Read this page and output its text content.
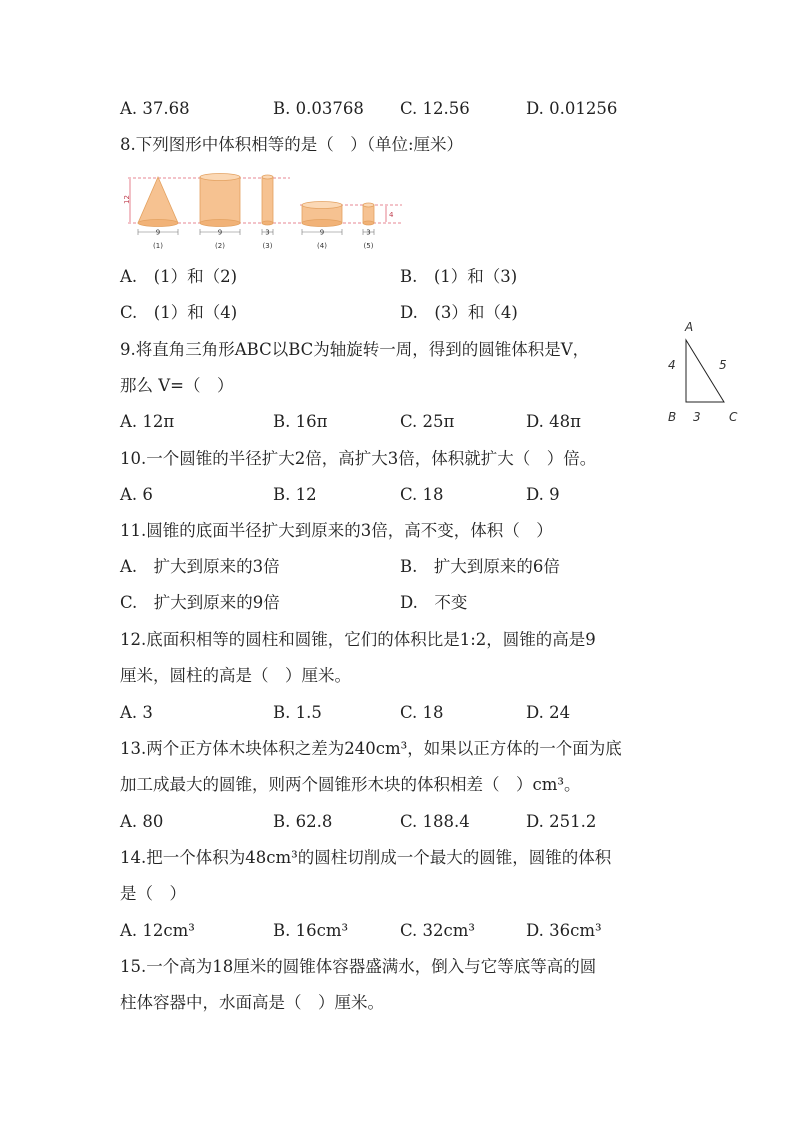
A. 37.68	B. 0.03768 C. 12.56	D. 0.01256
8.下列图形中体积相等的是（　）（单位:厘米）
12
4
9	9	3	9	3
(1)	(2)	(3)	(4)	(5)
A.　(1）和（2)	B.　(1）和（3)
C.　(1）和（4)	D.　(3）和（4)
9.将直角三角形ABC以BC为轴旋转一周，得到的圆锥体积是V，
那么 V=（　）
A
B	C
4	5
3
A. 12π	B. 16π	C. 25π	D. 48π
10.一个圆锥的半径扩大2倍，高扩大3倍，体积就扩大（　）倍。
A. 6	B. 12	C. 18	D. 9
11.圆锥的底面半径扩大到原来的3倍，高不变，体积（　）
A.　扩大到原来的3倍	B.　扩大到原来的6倍
C.　扩大到原来的9倍	D.　不变
12.底面积相等的圆柱和圆锥，它们的体积比是1:2，圆锥的高是9
厘米，圆柱的高是（　）厘米。
A. 3	B. 1.5	C. 18	D. 24
13.两个正方体木块体积之差为240cm³，如果以正方体的一个面为底
加工成最大的圆锥，则两个圆锥形木块的体积相差（　）cm³。
A. 80	B. 62.8	C. 188.4	D. 251.2
14.把一个体积为48cm³的圆柱切削成一个最大的圆锥，圆锥的体积
是（　）
A. 12cm³	B. 16cm³	C. 32cm³	D. 36cm³
15.一个高为18厘米的圆锥体容器盛满水，倒入与它等底等高的圆
柱体容器中，水面高是（　）厘米。
